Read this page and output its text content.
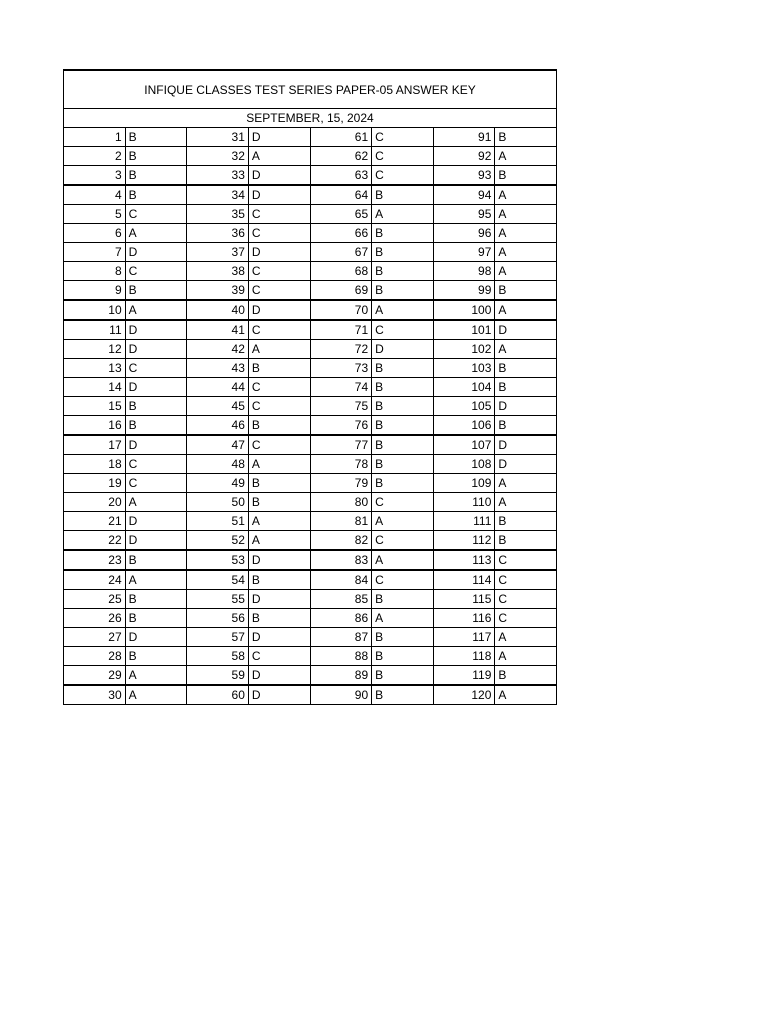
INFIQUE CLASSES TEST SERIES PAPER-05 ANSWER KEY							
SEPTEMBER, 15, 2024							
1	B	31	D	61	C	91	B
2	B	32	A	62	C	92	A
3	B	33	D	63	C	93	B
4	B	34	D	64	B	94	A
5	C	35	C	65	A	95	A
6	A	36	C	66	B	96	A
7	D	37	D	67	B	97	A
8	C	38	C	68	B	98	A
9	B	39	C	69	B	99	B
10	A	40	D	70	A	100	A
11	D	41	C	71	C	101	D
12	D	42	A	72	D	102	A
13	C	43	B	73	B	103	B
14	D	44	C	74	B	104	B
15	B	45	C	75	B	105	D
16	B	46	B	76	B	106	B
17	D	47	C	77	B	107	D
18	C	48	A	78	B	108	D
19	C	49	B	79	B	109	A
20	A	50	B	80	C	110	A
21	D	51	A	81	A	111	B
22	D	52	A	82	C	112	B
23	B	53	D	83	A	113	C
24	A	54	B	84	C	114	C
25	B	55	D	85	B	115	C
26	B	56	B	86	A	116	C
27	D	57	D	87	B	117	A
28	B	58	C	88	B	118	A
29	A	59	D	89	B	119	B
30	A	60	D	90	B	120	A
